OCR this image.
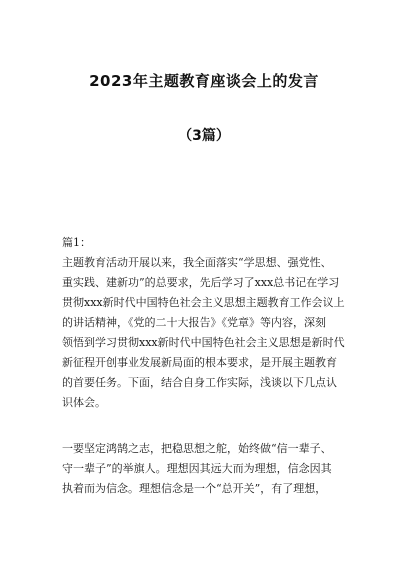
2023年主题教育座谈会上的发言
（3篇）
篇1：
主题教育活动开展以来，我全面落实“学思想、强党性、
重实践、建新功”的总要求，先后学习了xxx总书记在学习
贯彻xxx新时代中国特色社会主义思想主题教育工作会议上
的讲话精神，《党的二十大报告》《党章》等内容，深刻
领悟到学习贯彻xxx新时代中国特色社会主义思想是新时代
新征程开创事业发展新局面的根本要求，是开展主题教育
的首要任务。下面，结合自身工作实际，浅谈以下几点认
识体会。
一要坚定鸿鹄之志，把稳思想之舵，始终做“信一辈子、
守一辈子”的举旗人。理想因其远大而为理想，信念因其
执着而为信念。理想信念是一个“总开关”，有了理想，
